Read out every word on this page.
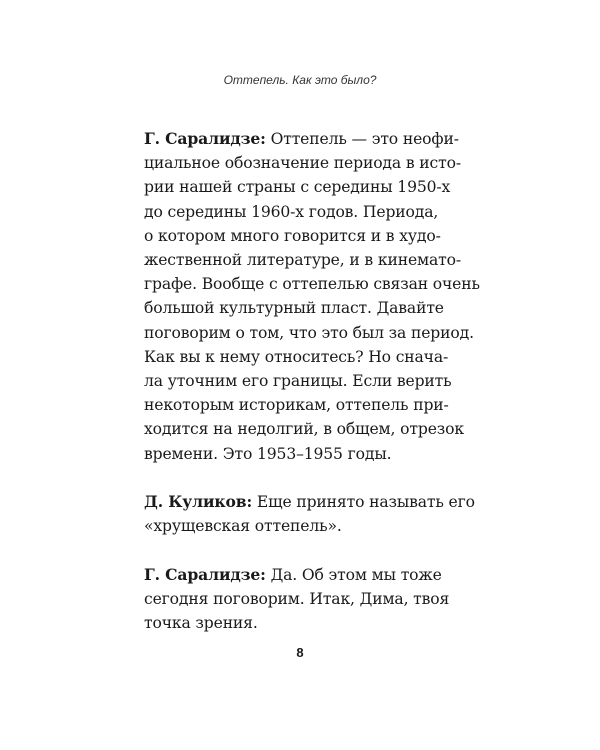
Оттепель. Как это было?
Г. Саралидзе: Оттепель — это неофи-
циальное обозначение периода в исто-
рии нашей страны с середины 1950-х
до середины 1960-х годов. Периода,
о котором много говорится и в худо-
жественной литературе, и в кинемато-
графе. Вообще с оттепелью связан очень
большой культурный пласт. Давайте
поговорим о том, что это был за период.
Как вы к нему относитесь? Но снача-
ла уточним его границы. Если верить
некоторым историкам, оттепель при-
ходится на недолгий, в общем, отрезок
времени. Это 1953–1955 годы.
Д. Куликов: Еще принято называть его
«хрущевская оттепель».
Г. Саралидзе: Да. Об этом мы тоже
сегодня поговорим. Итак, Дима, твоя
точка зрения.
8
